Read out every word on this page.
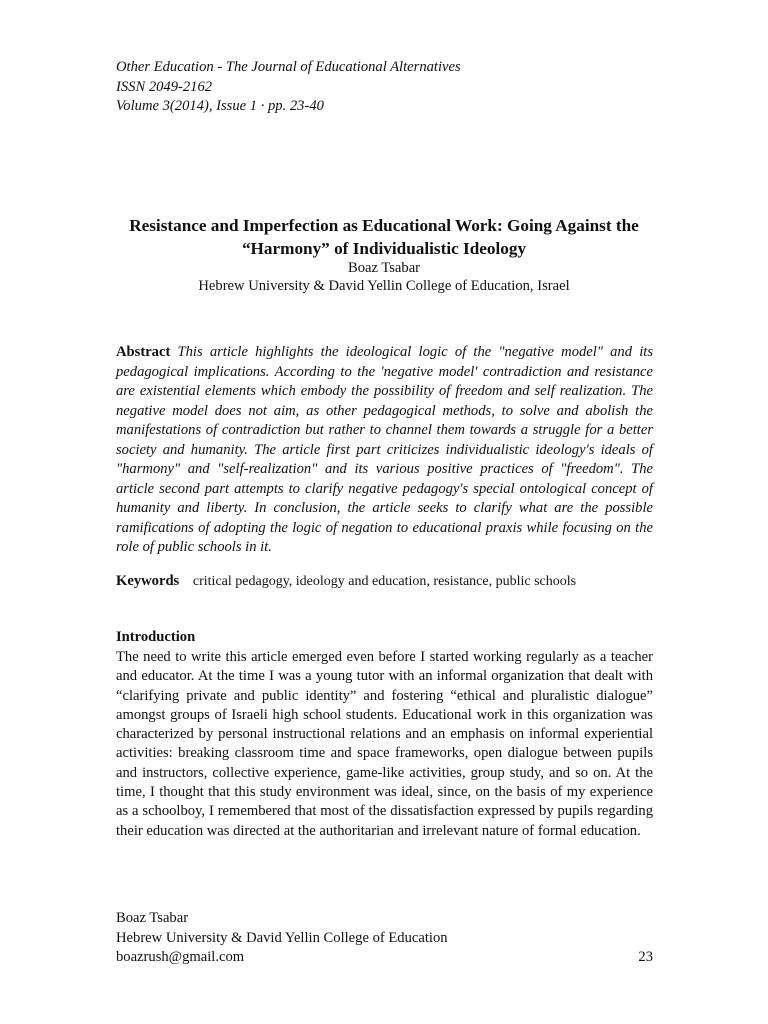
Other Education - The Journal of Educational Alternatives
ISSN 2049-2162
Volume 3(2014), Issue 1 · pp. 23-40
Resistance and Imperfection as Educational Work: Going Against the “Harmony” of Individualistic Ideology
Boaz Tsabar
Hebrew University & David Yellin College of Education, Israel
Abstract This article highlights the ideological logic of the "negative model" and its pedagogical implications. According to the 'negative model' contradiction and resistance are existential elements which embody the possibility of freedom and self realization. The negative model does not aim, as other pedagogical methods, to solve and abolish the manifestations of contradiction but rather to channel them towards a struggle for a better society and humanity. The article first part criticizes individualistic ideology's ideals of "harmony" and "self-realization" and its various positive practices of "freedom". The article second part attempts to clarify negative pedagogy's special ontological concept of humanity and liberty. In conclusion, the article seeks to clarify what are the possible ramifications of adopting the logic of negation to educational praxis while focusing on the role of public schools in it.
Keywords critical pedagogy, ideology and education, resistance, public schools
Introduction
The need to write this article emerged even before I started working regularly as a teacher and educator. At the time I was a young tutor with an informal organization that dealt with “clarifying private and public identity” and fostering “ethical and pluralistic dialogue” amongst groups of Israeli high school students. Educational work in this organization was characterized by personal instructional relations and an emphasis on informal experiential activities: breaking classroom time and space frameworks, open dialogue between pupils and instructors, collective experience, game-like activities, group study, and so on. At the time, I thought that this study environment was ideal, since, on the basis of my experience as a schoolboy, I remembered that most of the dissatisfaction expressed by pupils regarding their education was directed at the authoritarian and irrelevant nature of formal education.
Boaz Tsabar
Hebrew University & David Yellin College of Education
boazrush@gmail.com	23
